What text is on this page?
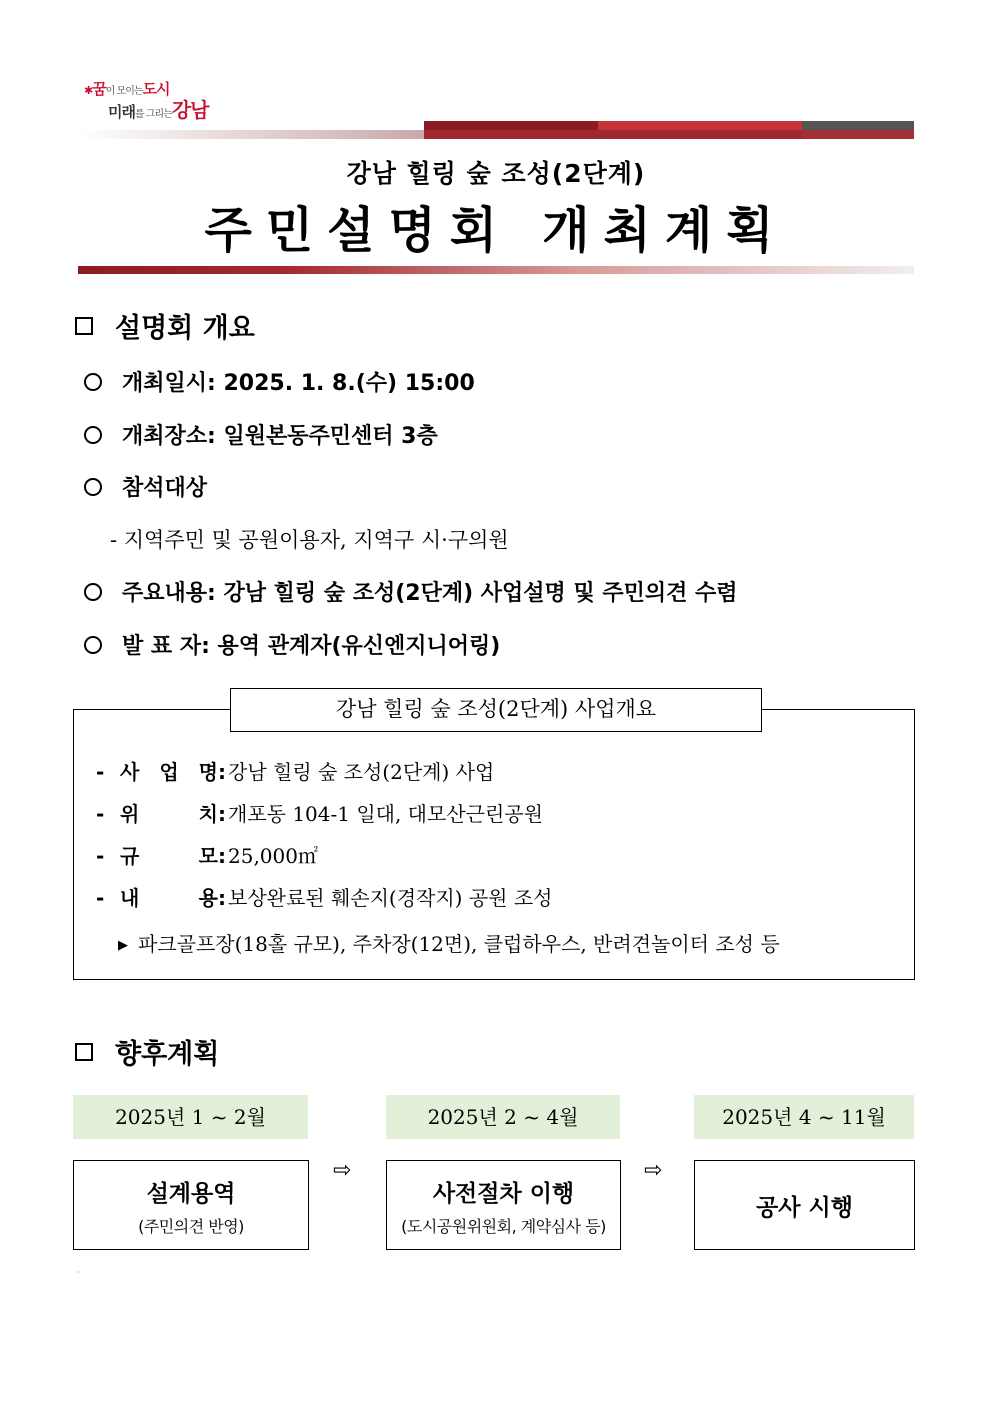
✱꿈이 모이는도시
미래를 그리는강남
강남 힐링 숲 조성(2단계)
주민설명회 개최계획
설명회 개요
개최일시: 2025. 1. 8.(수) 15:00
개최장소: 일원본동주민센터 3층
참석대상
- 지역주민 및 공원이용자, 지역구 시·구의원
주요내용: 강남 힐링 숲 조성(2단계) 사업설명 및 주민의견 수렴
발 표 자: 용역 관계자(유신엔지니어링)
강남 힐링 숲 조성(2단계) 사업개요
- 사 업 명: 강남 힐링 숲 조성(2단계) 사업
- 위	치: 개포동 104-1 일대, 대모산근린공원
- 규	모: 25,000㎡
- 내	용: 보상완료된 훼손지(경작지) 공원 조성
▶ 파크골프장(18홀 규모), 주차장(12면), 클럽하우스, 반려견놀이터 조성 등
향후계획
2025년 1 ~ 2월
설계용역
(주민의견 반영)
⇨
2025년 2 ~ 4월
사전절차 이행
(도시공원위원회, 계약심사 등)
⇨
2025년 4 ~ 11월
공사 시행
·
